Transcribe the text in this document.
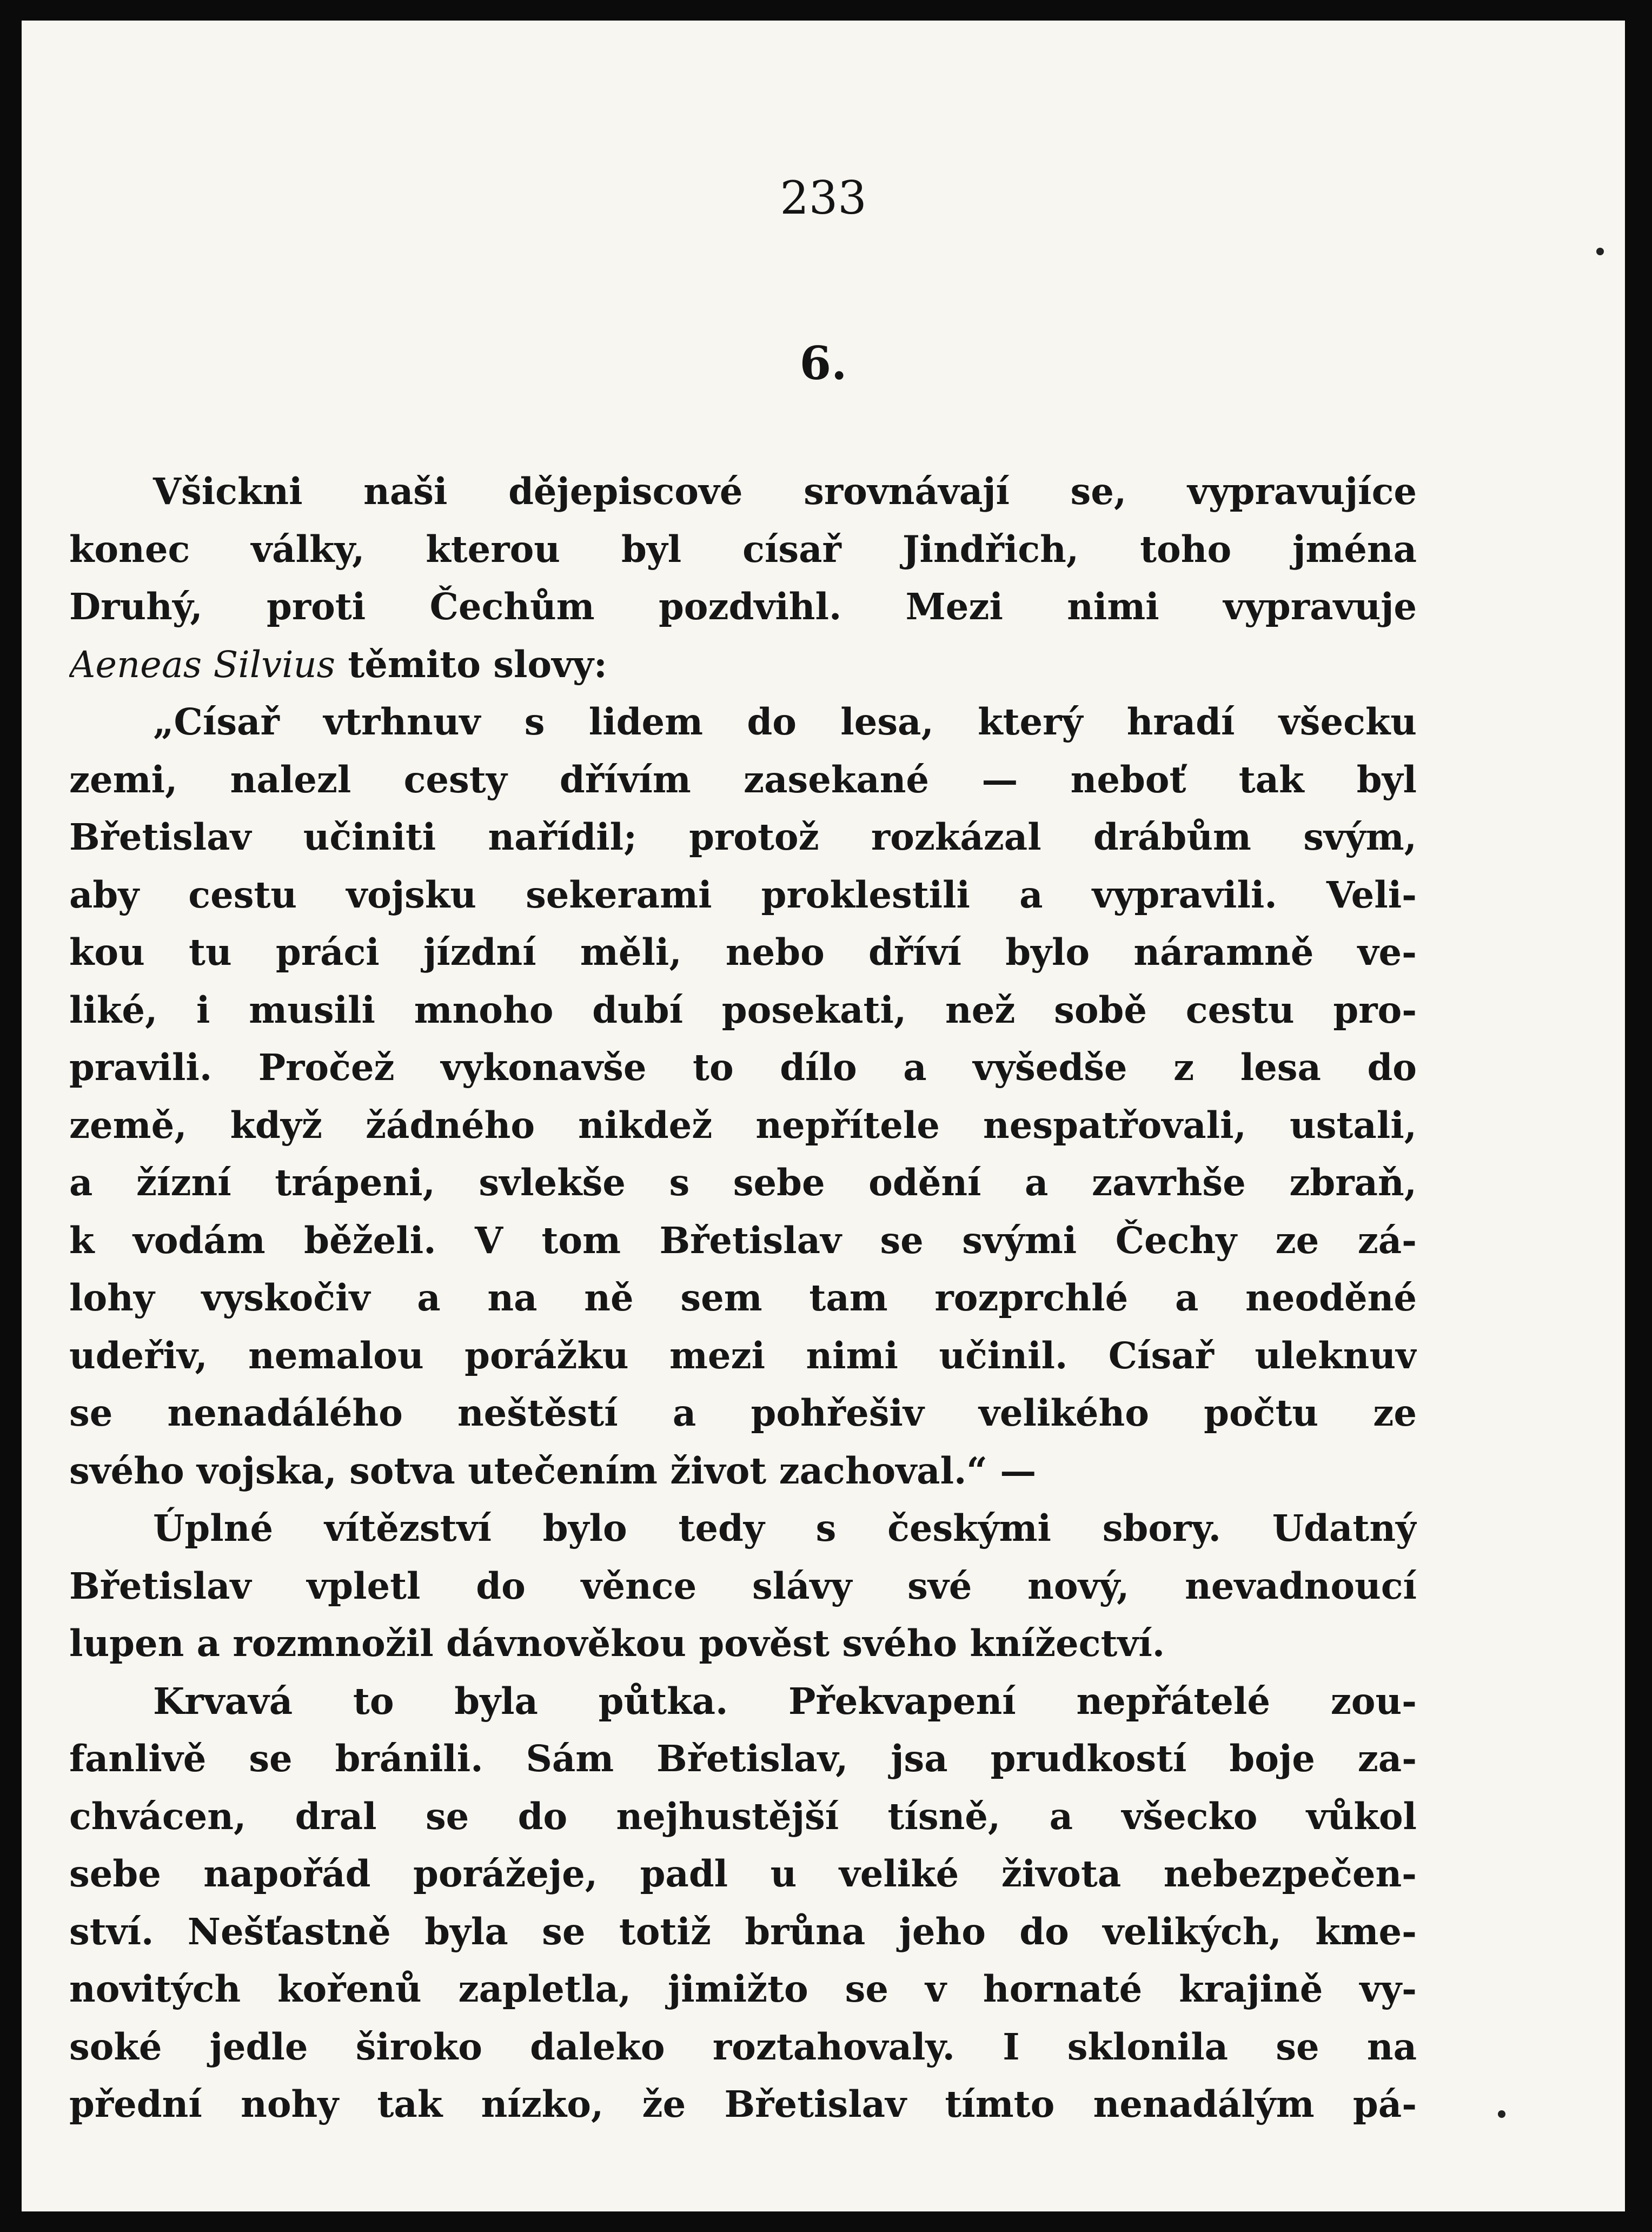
233
6.
Všickni naši dějepiscové srovnávají se, vypravujíce
konec války, kterou byl císař Jindřich, toho jména
Druhý, proti Čechům pozdvihl. Mezi nimi vypravuje
Aeneas Silvius těmito slovy:
„Císař vtrhnuv s lidem do lesa, který hradí všecku
zemi, nalezl cesty dřívím zasekané — neboť tak byl
Břetislav učiniti nařídil; protož rozkázal drábům svým,
aby cestu vojsku sekerami proklestili a vypravili. Veli-
kou tu práci jízdní měli, nebo dříví bylo náramně ve-
liké, i musili mnoho dubí posekati, než sobě cestu pro-
pravili. Pročež vykonavše to dílo a vyšedše z lesa do
země, když žádného nikdež nepřítele nespatřovali, ustali,
a žízní trápeni, svlekše s sebe odění a zavrhše zbraň,
k vodám běželi. V tom Břetislav se svými Čechy ze zá-
lohy vyskočiv a na ně sem tam rozprchlé a neoděné
udeřiv, nemalou porážku mezi nimi učinil. Císař uleknuv
se nenadálého neštěstí a pohřešiv velikého počtu ze
svého vojska, sotva utečením život zachoval.“ —
Úplné vítězství bylo tedy s českými sbory. Udatný
Břetislav vpletl do věnce slávy své nový, nevadnoucí
lupen a rozmnožil dávnověkou pověst svého knížectví.
Krvavá to byla půtka. Překvapení nepřátelé zou-
fanlivě se bránili. Sám Břetislav, jsa prudkostí boje za-
chvácen, dral se do nejhustější tísně, a všecko vůkol
sebe napořád porážeje, padl u veliké života nebezpečen-
ství. Nešťastně byla se totiž brůna jeho do velikých, kme-
novitých kořenů zapletla, jimižto se v hornaté krajině vy-
soké jedle široko daleko roztahovaly. I sklonila se na
přední nohy tak nízko, že Břetislav tímto nenadálým pá-
